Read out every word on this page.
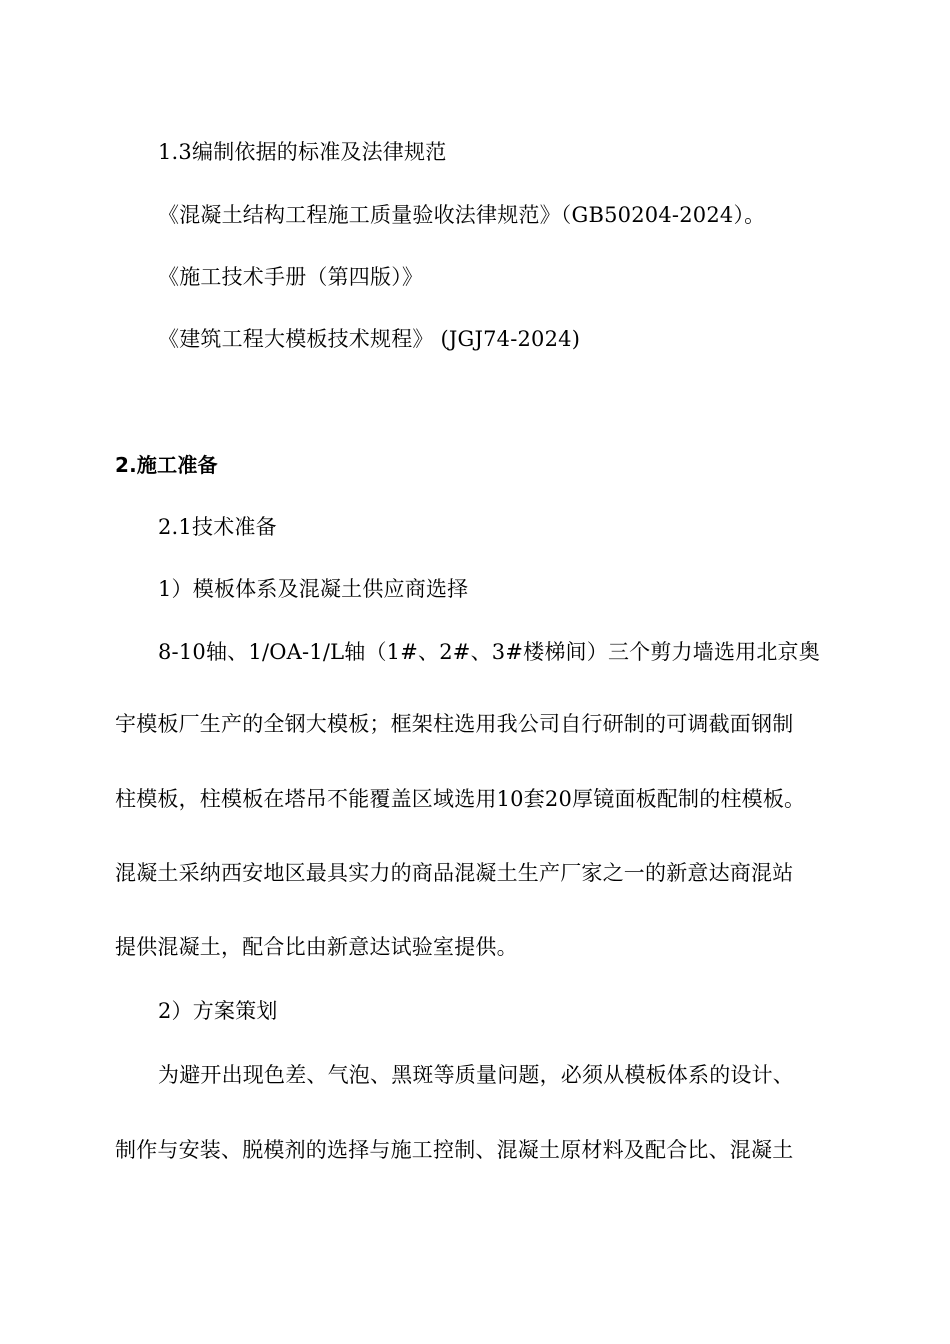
1.3编制依据的标准及法律规范
《混凝土结构工程施工质量验收法律规范》（GB50204-2024）。
《施工技术手册（第四版）》
《建筑工程大模板技术规程》 (JGJ74-2024)
2.施工准备
2.1技术准备
1）模板体系及混凝土供应商选择
8-10轴、1/OA-1/L轴（1#、2#、3#楼梯间）三个剪力墙选用北京奥
宇模板厂生产的全钢大模板；框架柱选用我公司自行研制的可调截面钢制
柱模板，柱模板在塔吊不能覆盖区域选用10套20厚镜面板配制的柱模板。
混凝土采纳西安地区最具实力的商品混凝土生产厂家之一的新意达商混站
提供混凝土，配合比由新意达试验室提供。
2）方案策划
为避开出现色差、气泡、黑斑等质量问题，必须从模板体系的设计、
制作与安装、脱模剂的选择与施工控制、混凝土原材料及配合比、混凝土
